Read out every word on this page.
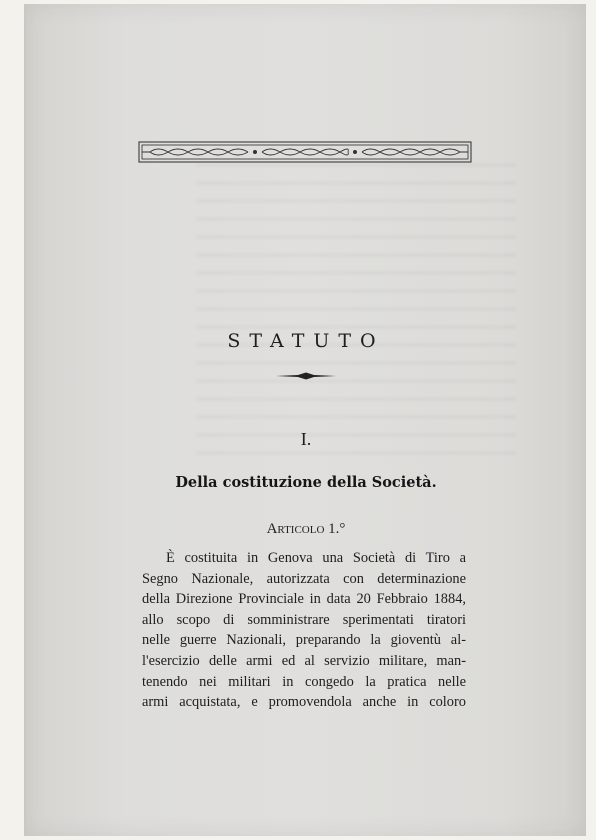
STATUTO
I.
Della costituzione della Società.
Articolo 1.°
È costituita in Genova una Società di Tiro a
Segno Nazionale, autorizzata con determinazione
della Direzione Provinciale in data 20 Febbraio 1884,
allo scopo di somministrare sperimentati tiratori
nelle guerre Nazionali, preparando la gioventù al-
l'esercizio delle armi ed al servizio militare, man-
tenendo nei militari in congedo la pratica nelle
armi acquistata, e promovendola anche in coloro
